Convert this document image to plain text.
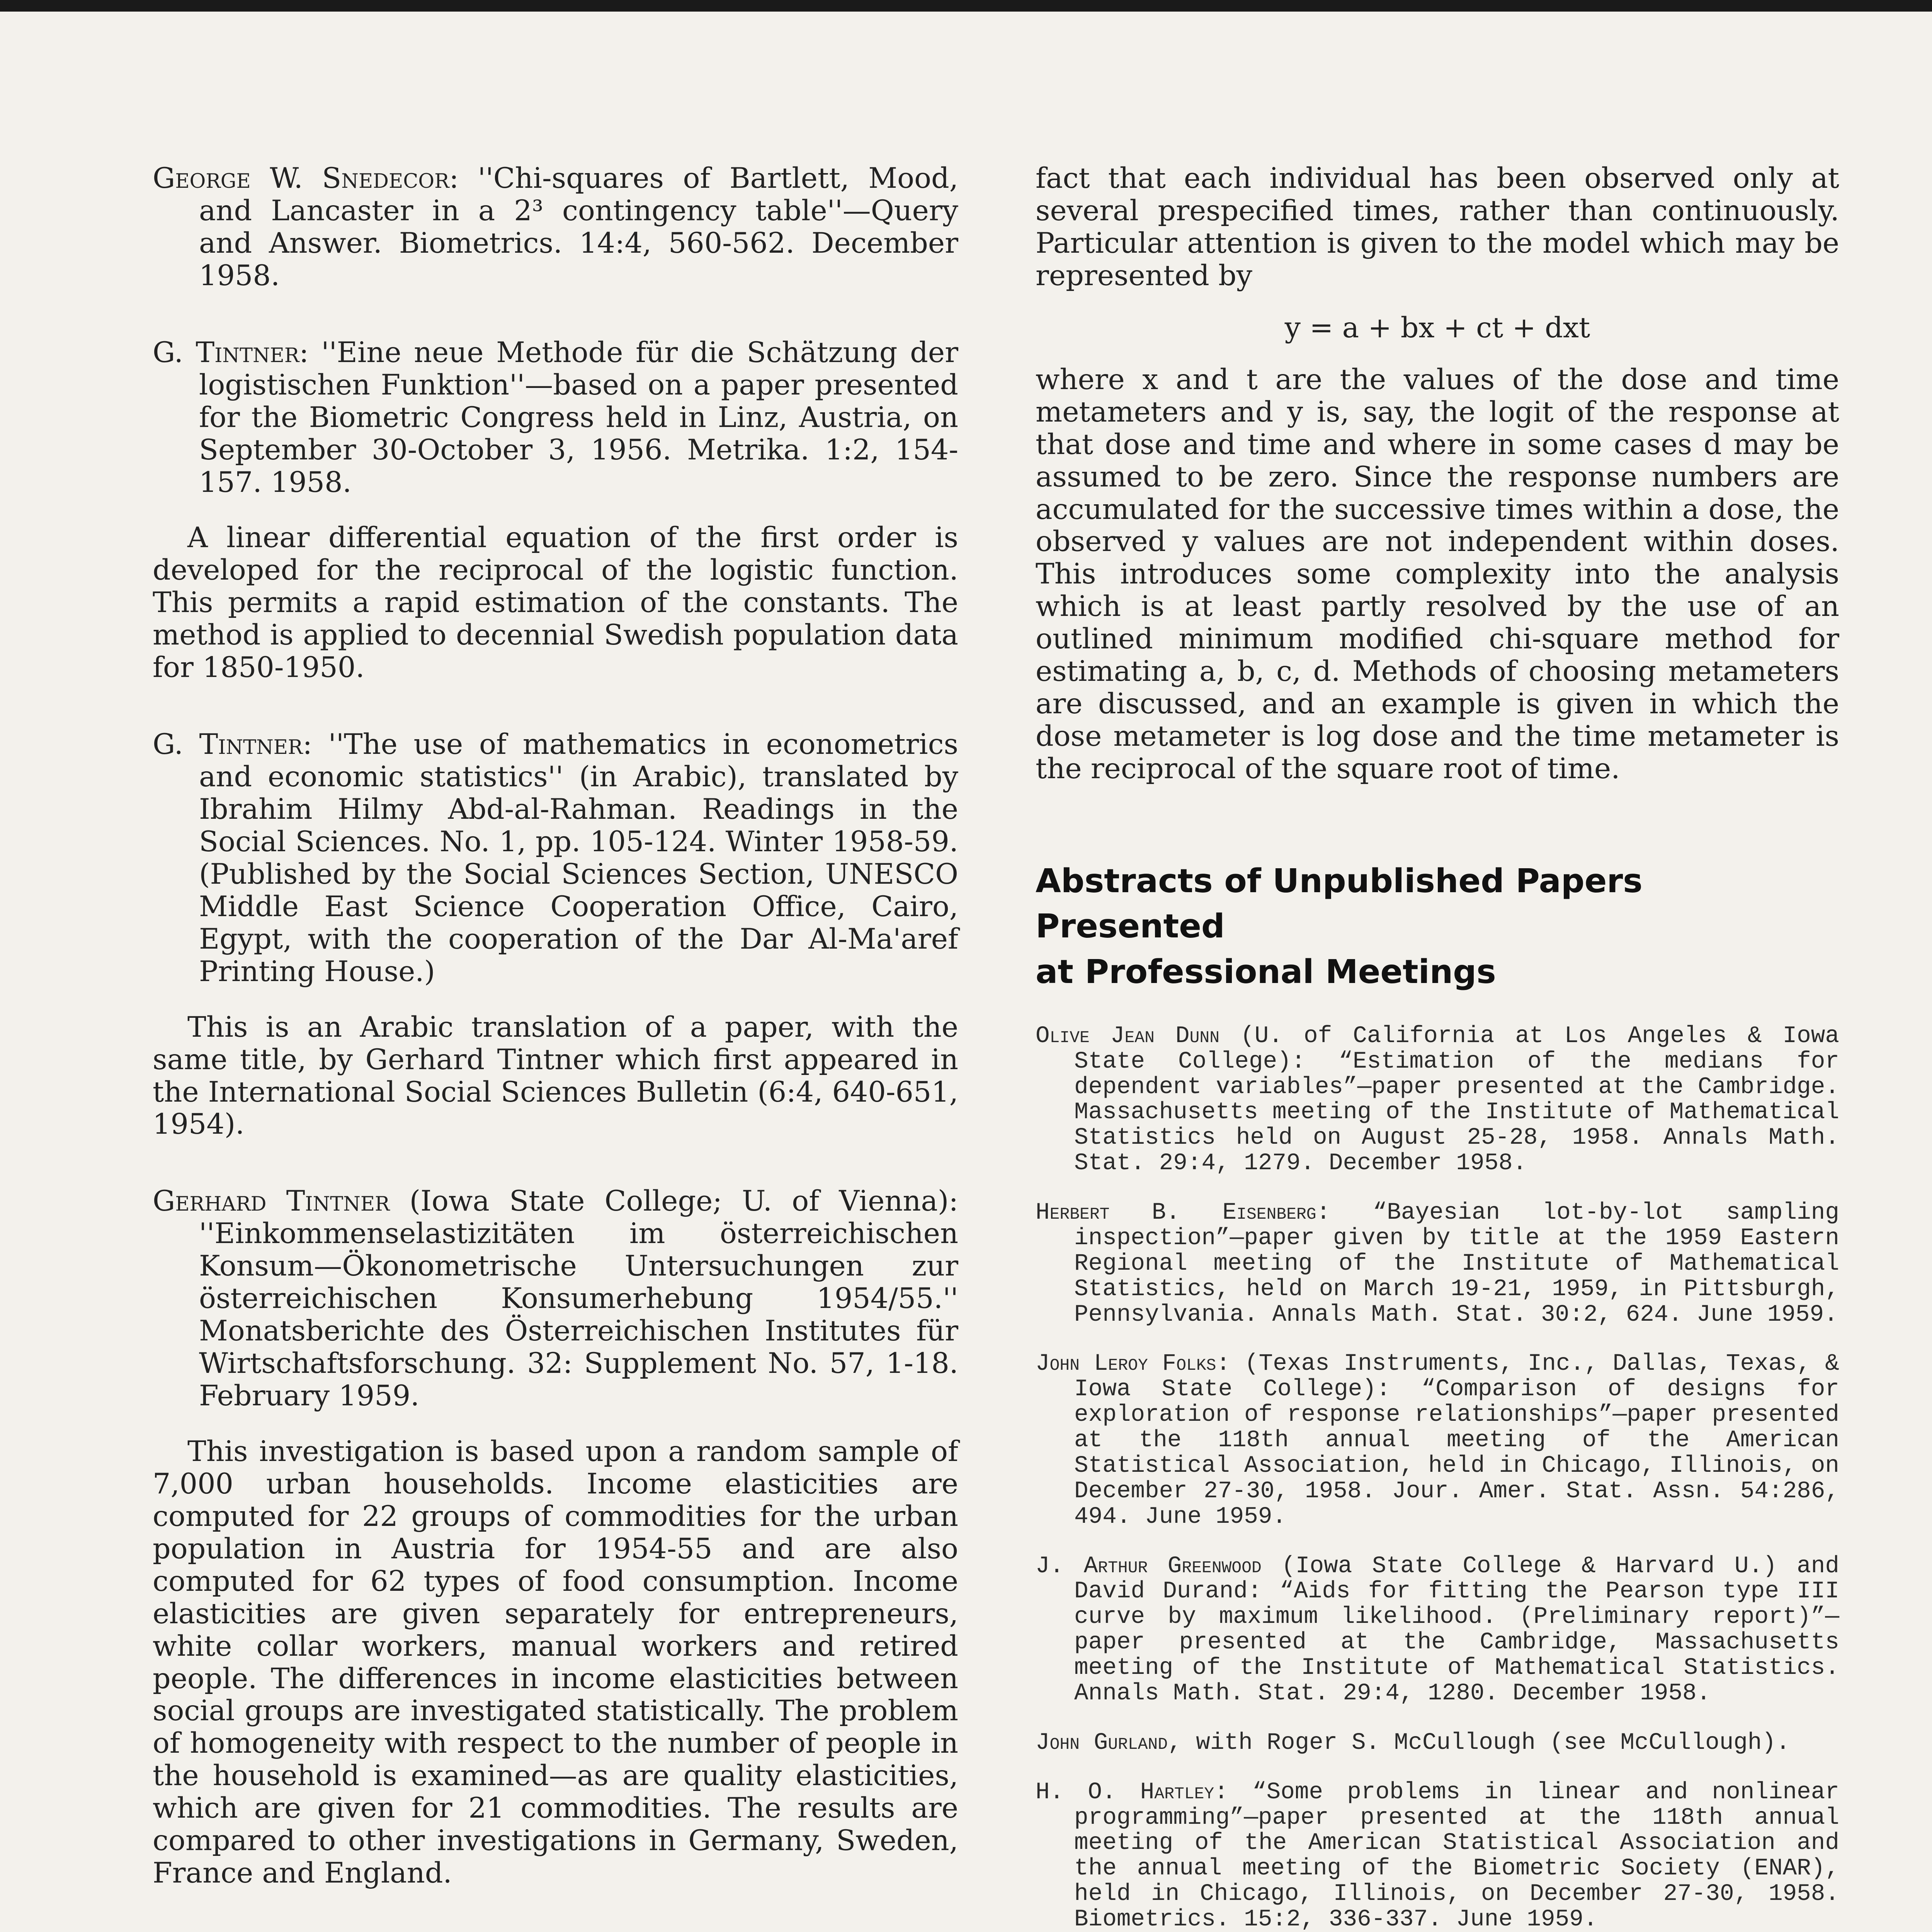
George W. Snedecor: ''Chi-squares of Bartlett, Mood, and Lancaster in a 2³ contingency table''—Query and Answer. Biometrics. 14:4, 560-562. December 1958.

G. Tintner: ''Eine neue Methode für die Schätzung der logistischen Funktion''—based on a paper presented for the Biometric Congress held in Linz, Austria, on September 30-October 3, 1956. Metrika. 1:2, 154-157. 1958.

A linear differential equation of the first order is developed for the reciprocal of the logistic function. This permits a rapid estimation of the constants. The method is applied to decennial Swedish population data for 1850-1950.

G. Tintner: ''The use of mathematics in econometrics and economic statistics'' (in Arabic), translated by Ibrahim Hilmy Abd-al-Rahman. Readings in the Social Sciences. No. 1, pp. 105-124. Winter 1958-59. (Published by the Social Sciences Section, UNESCO Middle East Science Cooperation Office, Cairo, Egypt, with the cooperation of the Dar Al-Ma'aref Printing House.)

This is an Arabic translation of a paper, with the same title, by Gerhard Tintner which first appeared in the International Social Sciences Bulletin (6:4, 640-651, 1954).

Gerhard Tintner (Iowa State College; U. of Vienna): ''Einkommenselastizitäten im österreichischen Konsum—Ökonometrische Untersuchungen zur österreichischen Konsumerhebung 1954/55.'' Monatsberichte des Österreichischen Institutes für Wirtschaftsforschung. 32: Supplement No. 57, 1-18. February 1959.

This investigation is based upon a random sample of 7,000 urban households. Income elasticities are computed for 22 groups of commodities for the urban population in Austria for 1954-55 and are also computed for 62 types of food consumption. Income elasticities are given separately for entrepreneurs, white collar workers, manual workers and retired people. The differences in income elasticities between social groups are investigated statistically. The problem of homogeneity with respect to the number of people in the household is examined—as are quality elasticities, which are given for 21 commodities. The results are compared to other investigations in Germany, Sweden, France and England.

fact that each individual has been observed only at several prespecified times, rather than continuously. Particular attention is given to the model which may be represented by

y = a + bx + ct + dxt

where x and t are the values of the dose and time metameters and y is, say, the logit of the response at that dose and time and where in some cases d may be assumed to be zero. Since the response numbers are accumulated for the successive times within a dose, the observed y values are not independent within doses. This introduces some complexity into the analysis which is at least partly resolved by the use of an outlined minimum modified chi-square method for estimating a, b, c, d. Methods of choosing metameters are discussed, and an example is given in which the dose metameter is log dose and the time metameter is the reciprocal of the square root of time.

Abstracts of Unpublished Papers Presented
at Professional Meetings

Olive Jean Dunn (U. of California at Los Angeles & Iowa State College): “Estimation of the medians for dependent variables”—paper presented at the Cambridge. Massachusetts meeting of the Institute of Mathematical Statistics held on August 25-28, 1958. Annals Math. Stat. 29:4, 1279. December 1958.

Herbert B. Eisenberg: “Bayesian lot-by-lot sampling inspection”—paper given by title at the 1959 Eastern Regional meeting of the Institute of Mathematical Statistics, held on March 19-21, 1959, in Pittsburgh, Pennsylvania. Annals Math. Stat. 30:2, 624. June 1959.

John Leroy Folks: (Texas Instruments, Inc., Dallas, Texas, & Iowa State College): “Comparison of designs for exploration of response relationships”—paper presented at the 118th annual meeting of the American Statistical Association, held in Chicago, Illinois, on December 27-30, 1958. Jour. Amer. Stat. Assn. 54:286, 494. June 1959.

J. Arthur Greenwood (Iowa State College & Harvard U.) and David Durand: “Aids for fitting the Pearson type III curve by maximum likelihood. (Preliminary report)”—paper presented at the Cambridge, Massachusetts meeting of the Institute of Mathematical Statistics. Annals Math. Stat. 29:4, 1280. December 1958.

John Gurland, with Roger S. McCullough (see McCullough).

H. O. Hartley: “Some problems in linear and nonlinear programming”—paper presented at the 118th annual meeting of the American Statistical Association and the annual meeting of the Biometric Society (ENAR), held in Chicago, Illinois, on December 27-30, 1958. Biometrics. 15:2, 336-337. June 1959.
